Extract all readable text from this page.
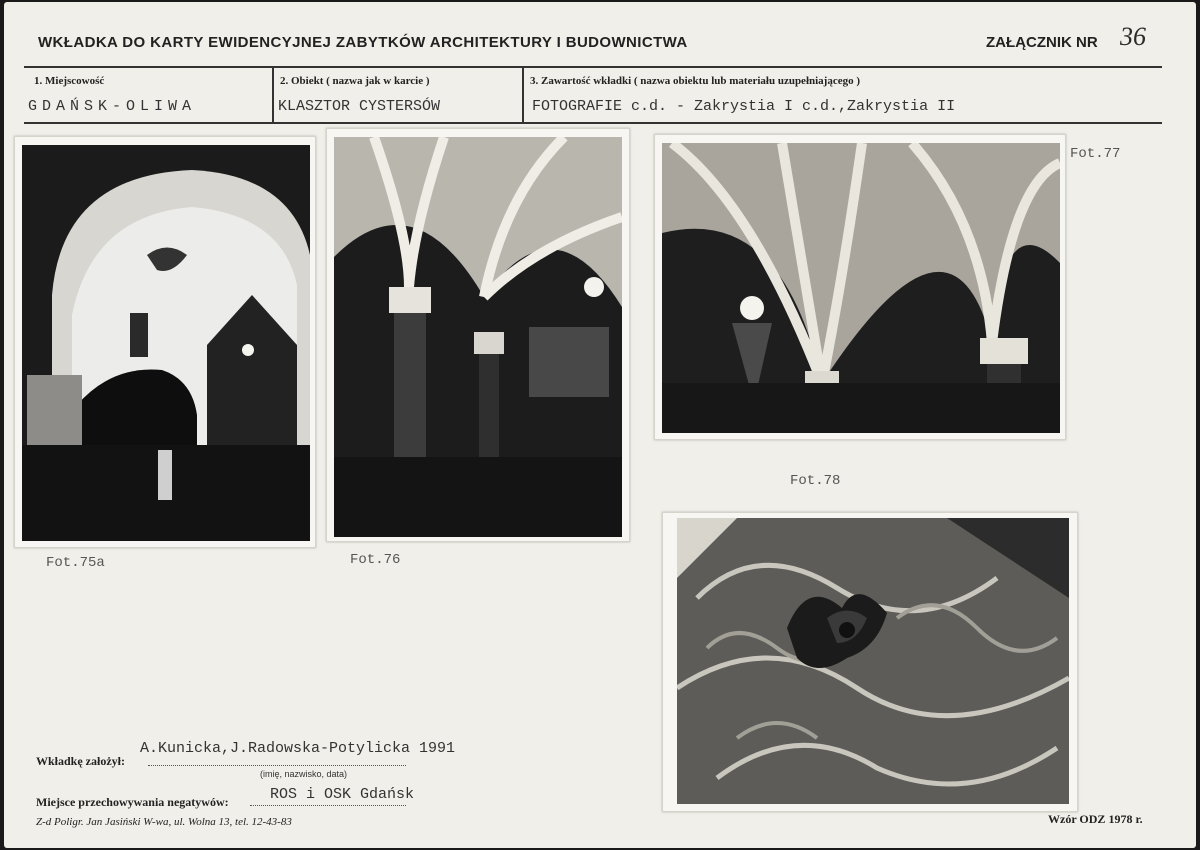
WKŁADKA DO KARTY EWIDENCYJNEJ ZABYTKÓW ARCHITEKTURY I BUDOWNICTWA	ZAŁĄCZNIK NR 36
1. Miejscowość
GDAŃSK-OLIWA
2. Obiekt ( nazwa jak w karcie )
KLASZTOR CYSTERSÓW
3. Zawartość wkładki ( nazwa obiektu lub materiału uzupełniającego )
FOTOGRAFIE c.d. - Zakrystia I c.d.,Zakrystia II
Fot.75a	Fot.76
Fot.77
Fot.78
Wkładkę założył:
A.Kunicka,J.Radowska-Potylicka 1991
(imię, nazwisko, data)
Miejsce przechowywania negatywów:	ROS i OSK Gdańsk
Z-d Poligr. Jan Jasiński W-wa, ul. Wolna 13, tel. 12-43-83	Wzór ODZ 1978 r.
